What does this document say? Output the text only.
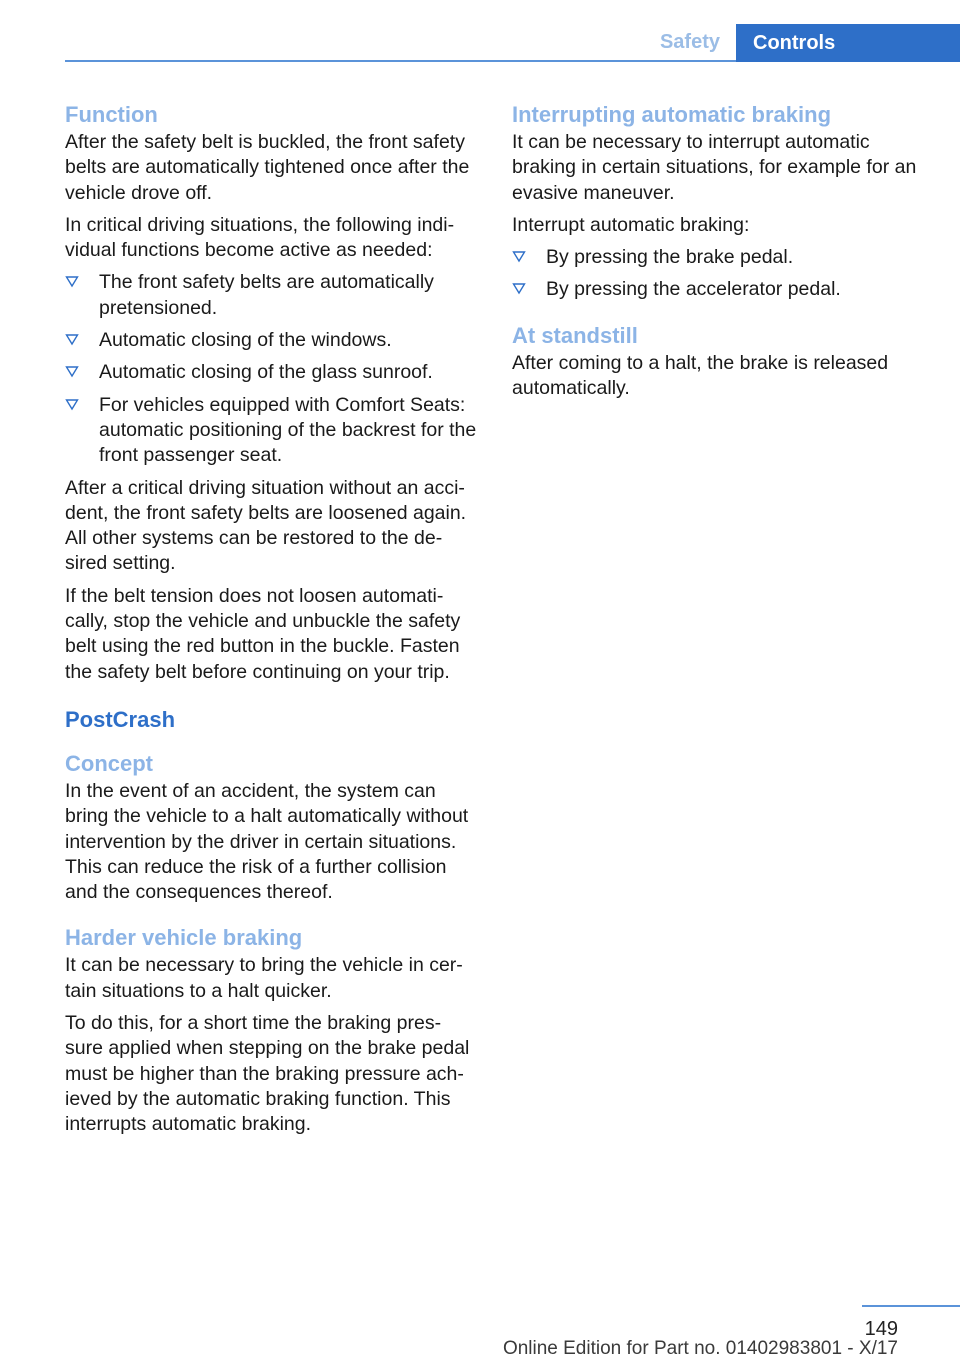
Safety	Controls
Function

After the safety belt is buckled, the front safety belts are automatically tightened once after the vehicle drove off.

In critical driving situations, the following indi‐ vidual functions become active as needed:

The front safety belts are automatically pretensioned.
Automatic closing of the windows.
Automatic closing of the glass sunroof.
For vehicles equipped with Comfort Seats: automatic positioning of the backrest for the front passenger seat.

After a critical driving situation without an acci‐ dent, the front safety belts are loosened again. All other systems can be restored to the de‐ sired setting.

If the belt tension does not loosen automati‐ cally, stop the vehicle and unbuckle the safety belt using the red button in the buckle. Fasten the safety belt before continuing on your trip.

PostCrash
Concept

In the event of an accident, the system can bring the vehicle to a halt automatically without intervention by the driver in certain situations. This can reduce the risk of a further collision and the consequences thereof.

Harder vehicle braking

It can be necessary to bring the vehicle in cer‐ tain situations to a halt quicker.

To do this, for a short time the braking pres‐ sure applied when stepping on the brake pedal must be higher than the braking pressure ach‐ ieved by the automatic braking function. This interrupts automatic braking.

Interrupting automatic braking

It can be necessary to interrupt automatic braking in certain situations, for example for an evasive maneuver.

Interrupt automatic braking:

By pressing the brake pedal.
By pressing the accelerator pedal.
At standstill

After coming to a halt, the brake is released automatically.

149
Online Edition for Part no. 01402983801 - X/17
